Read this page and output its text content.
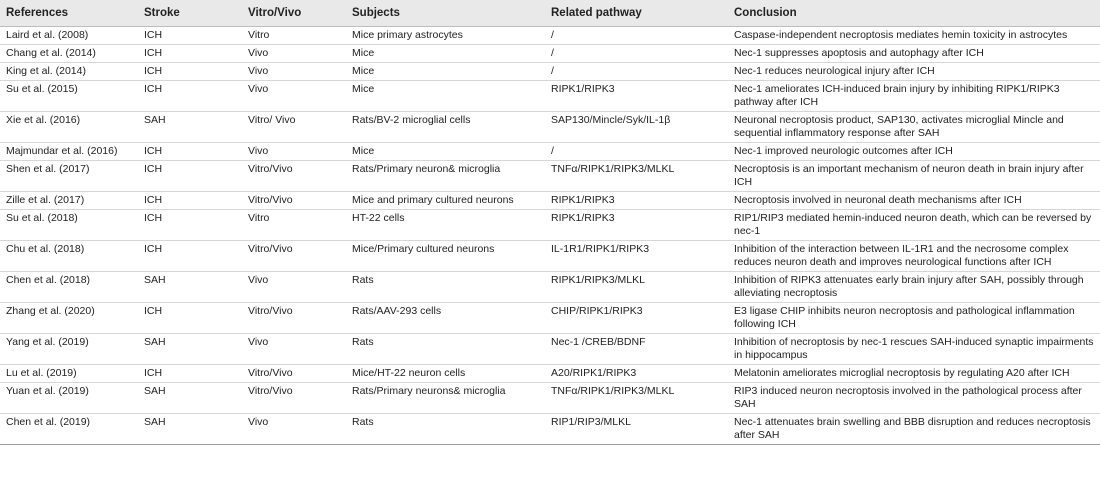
References	Stroke	Vitro/Vivo	Subjects	Related pathway	Conclusion
Laird et al. (2008)	ICH	Vitro	Mice primary astrocytes	/	Caspase-independent necroptosis mediates hemin toxicity in astrocytes
Chang et al. (2014)	ICH	Vivo	Mice	/	Nec-1 suppresses apoptosis and autophagy after ICH
King et al. (2014)	ICH	Vivo	Mice	/	Nec-1 reduces neurological injury after ICH
Su et al. (2015)	ICH	Vivo	Mice	RIPK1/RIPK3	Nec-1 ameliorates ICH-induced brain injury by inhibiting RIPK1/RIPK3 pathway after ICH
Xie et al. (2016)	SAH	Vitro/ Vivo	Rats/BV-2 microglial cells	SAP130/Mincle/Syk/IL-1β	Neuronal necroptosis product, SAP130, activates microglial Mincle and sequential inflammatory response after SAH
Majmundar et al. (2016)	ICH	Vivo	Mice	/	Nec-1 improved neurologic outcomes after ICH
Shen et al. (2017)	ICH	Vitro/Vivo	Rats/Primary neuron& microglia	TNFα/RIPK1/RIPK3/MLKL	Necroptosis is an important mechanism of neuron death in brain injury after ICH
Zille et al. (2017)	ICH	Vitro/Vivo	Mice and primary cultured neurons	RIPK1/RIPK3	Necroptosis involved in neuronal death mechanisms after ICH
Su et al. (2018)	ICH	Vitro	HT-22 cells	RIPK1/RIPK3	RIP1/RIP3 mediated hemin-induced neuron death, which can be reversed by nec-1
Chu et al. (2018)	ICH	Vitro/Vivo	Mice/Primary cultured neurons	IL-1R1/RIPK1/RIPK3	Inhibition of the interaction between IL-1R1 and the necrosome complex reduces neuron death and improves neurological functions after ICH
Chen et al. (2018)	SAH	Vivo	Rats	RIPK1/RIPK3/MLKL	Inhibition of RIPK3 attenuates early brain injury after SAH, possibly through alleviating necroptosis
Zhang et al. (2020)	ICH	Vitro/Vivo	Rats/AAV-293 cells	CHIP/RIPK1/RIPK3	E3 ligase CHIP inhibits neuron necroptosis and pathological inflammation following ICH
Yang et al. (2019)	SAH	Vivo	Rats	Nec-1 /CREB/BDNF	Inhibition of necroptosis by nec-1 rescues SAH-induced synaptic impairments in hippocampus
Lu et al. (2019)	ICH	Vitro/Vivo	Mice/HT-22 neuron cells	A20/RIPK1/RIPK3	Melatonin ameliorates microglial necroptosis by regulating A20 after ICH
Yuan et al. (2019)	SAH	Vitro/Vivo	Rats/Primary neurons& microglia	TNFα/RIPK1/RIPK3/MLKL	RIP3 induced neuron necroptosis involved in the pathological process after SAH
Chen et al. (2019)	SAH	Vivo	Rats	RIP1/RIP3/MLKL	Nec-1 attenuates brain swelling and BBB disruption and reduces necroptosis after SAH
